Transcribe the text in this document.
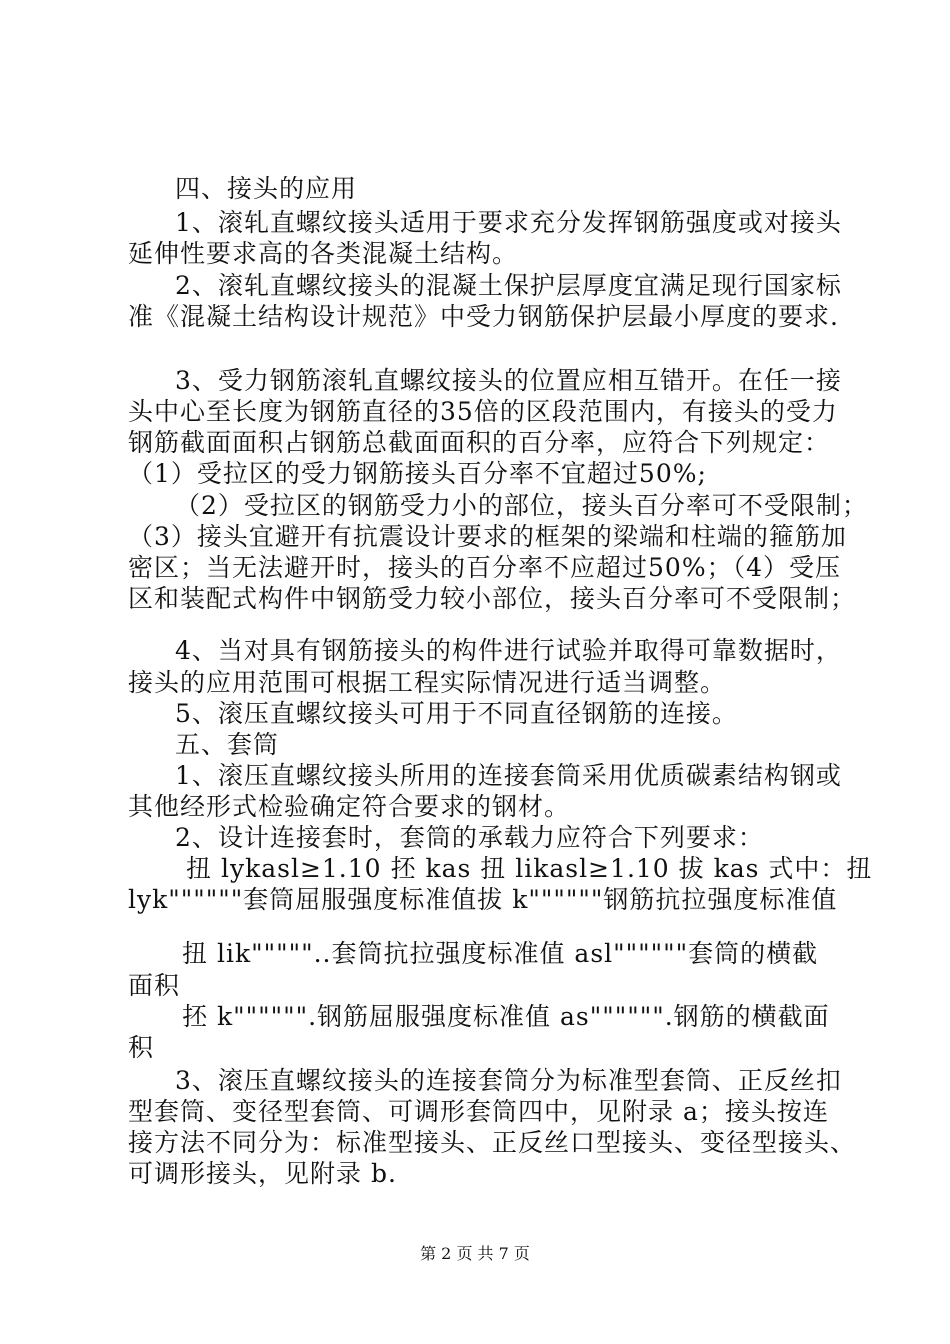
四、接头的应用
1、滚轧直螺纹接头适用于要求充分发挥钢筋强度或对接头
延伸性要求高的各类混凝土结构。
2、滚轧直螺纹接头的混凝土保护层厚度宜满足现行国家标
准《混凝土结构设计规范》中受力钢筋保护层最小厚度的要求.
3、受力钢筋滚轧直螺纹接头的位置应相互错开。在任一接
头中心至长度为钢筋直径的35倍的区段范围内，有接头的受力
钢筋截面面积占钢筋总截面面积的百分率，应符合下列规定：
（1）受拉区的受力钢筋接头百分率不宜超过50%;
（2）受拉区的钢筋受力小的部位，接头百分率可不受限制；
（3）接头宜避开有抗震设计要求的框架的梁端和柱端的箍筋加
密区；当无法避开时，接头的百分率不应超过50%；（4）受压
区和装配式构件中钢筋受力较小部位，接头百分率可不受限制；
4、当对具有钢筋接头的构件进行试验并取得可靠数据时，
接头的应用范围可根据工程实际情况进行适当调整。
5、滚压直螺纹接头可用于不同直径钢筋的连接。
五、套筒
1、滚压直螺纹接头所用的连接套筒采用优质碳素结构钢或
其他经形式检验确定符合要求的钢材。
2、设计连接套时，套筒的承载力应符合下列要求：
扭 lykasl≥1.10 抷 kas 扭 likasl≥1.10 拔 kas 式中：扭
lyk""""""套筒屈服强度标准值拔 k""""""钢筋抗拉强度标准值
扭 lik"""""..套筒抗拉强度标准值 asl""""""套筒的横截
面积
抷 k"""""".钢筋屈服强度标准值 as"""""".钢筋的横截面
积
3、滚压直螺纹接头的连接套筒分为标准型套筒、正反丝扣
型套筒、变径型套筒、可调形套筒四中，见附录 a；接头按连
接方法不同分为：标准型接头、正反丝口型接头、变径型接头、
可调形接头，见附录 b.
第 2 页 共 7 页
